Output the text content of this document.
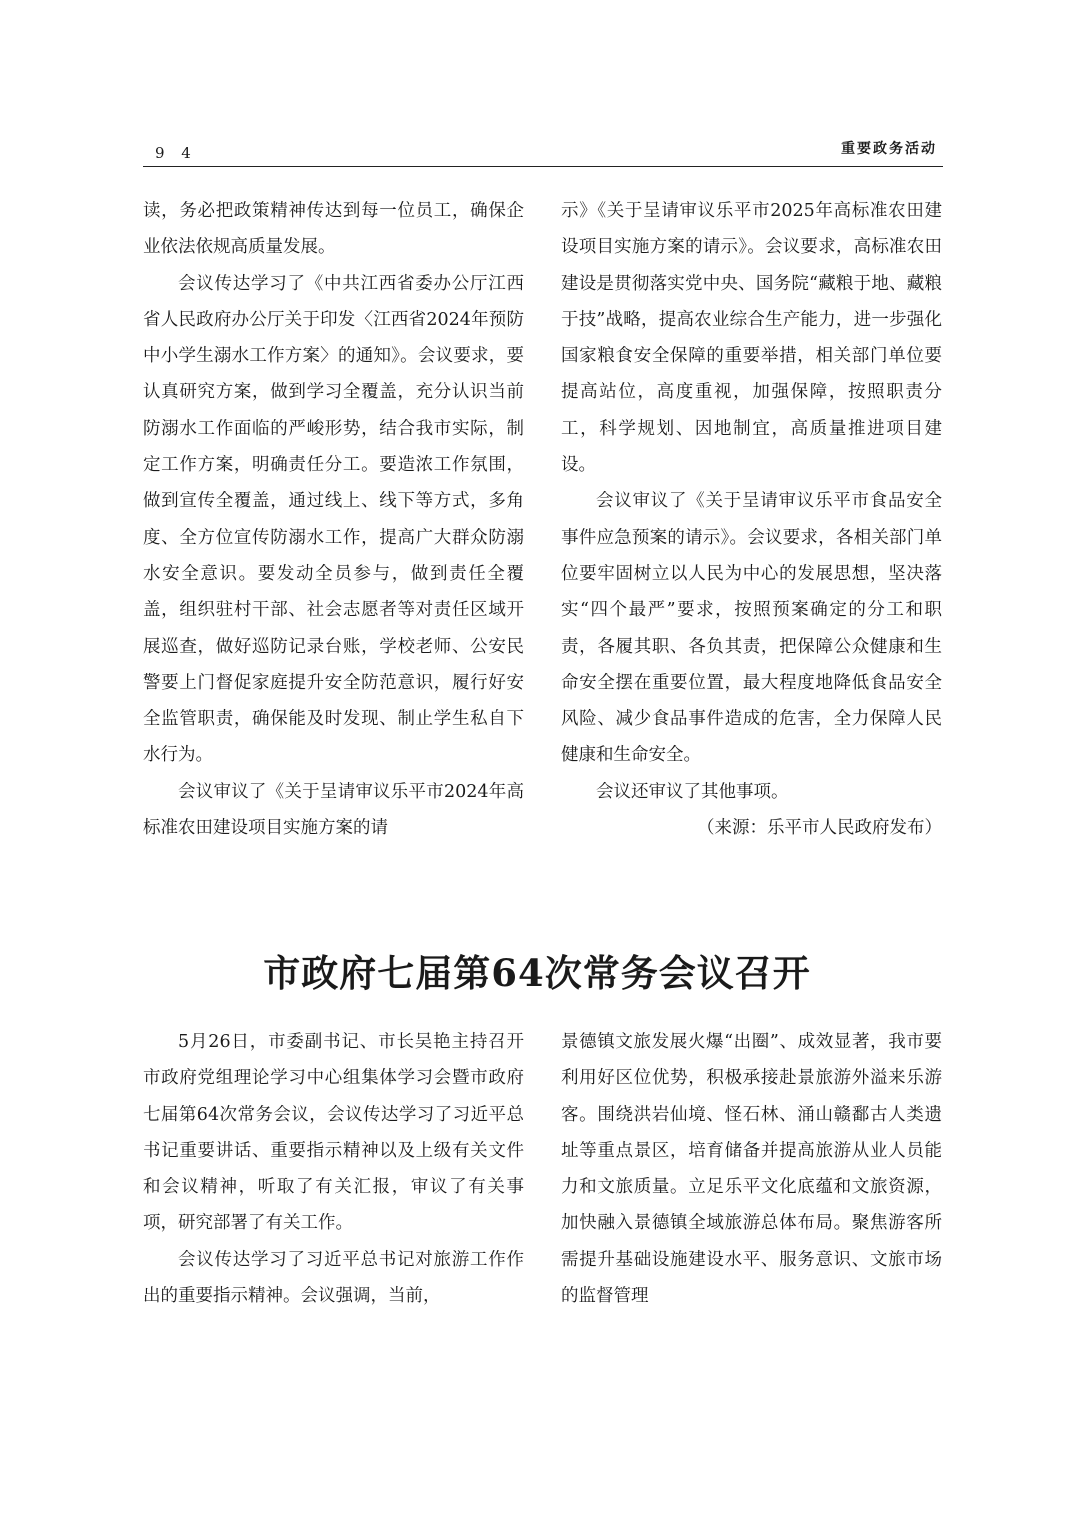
9 4	重要政务活动

读，务必把政策精神传达到每一位员工，确保企业依法依规高质量发展。

会议传达学习了《中共江西省委办公厅江西省人民政府办公厅关于印发〈江西省2024年预防中小学生溺水工作方案〉的通知》。会议要求，要认真研究方案，做到学习全覆盖，充分认识当前防溺水工作面临的严峻形势，结合我市实际，制定工作方案，明确责任分工。要造浓工作氛围，做到宣传全覆盖，通过线上、线下等方式，多角度、全方位宣传防溺水工作，提高广大群众防溺水安全意识。要发动全员参与，做到责任全覆盖，组织驻村干部、社会志愿者等对责任区域开展巡查，做好巡防记录台账，学校老师、公安民警要上门督促家庭提升安全防范意识，履行好安全监管职责，确保能及时发现、制止学生私自下水行为。

会议审议了《关于呈请审议乐平市2024年高标准农田建设项目实施方案的请

示》《关于呈请审议乐平市2025年高标准农田建设项目实施方案的请示》。会议要求，高标准农田建设是贯彻落实党中央、国务院“藏粮于地、藏粮于技”战略，提高农业综合生产能力，进一步强化国家粮食安全保障的重要举措，相关部门单位要提高站位，高度重视，加强保障，按照职责分工，科学规划、因地制宜，高质量推进项目建设。

会议审议了《关于呈请审议乐平市食品安全事件应急预案的请示》。会议要求，各相关部门单位要牢固树立以人民为中心的发展思想，坚决落实“四个最严”要求，按照预案确定的分工和职责，各履其职、各负其责，把保障公众健康和生命安全摆在重要位置，最大程度地降低食品安全风险、减少食品事件造成的危害，全力保障人民健康和生命安全。

会议还审议了其他事项。

（来源：乐平市人民政府发布）

市政府七届第64次常务会议召开

5月26日，市委副书记、市长吴艳主持召开市政府党组理论学习中心组集体学习会暨市政府七届第64次常务会议，会议传达学习了习近平总书记重要讲话、重要指示精神以及上级有关文件和会议精神，听取了有关汇报，审议了有关事项，研究部署了有关工作。

会议传达学习了习近平总书记对旅游工作作出的重要指示精神。会议强调，当前，

景德镇文旅发展火爆“出圈”、成效显著，我市要利用好区位优势，积极承接赴景旅游外溢来乐游客。围绕洪岩仙境、怪石林、涌山赣鄱古人类遗址等重点景区，培育储备并提高旅游从业人员能力和文旅质量。立足乐平文化底蕴和文旅资源，加快融入景德镇全域旅游总体布局。聚焦游客所需提升基础设施建设水平、服务意识、文旅市场的监督管理
